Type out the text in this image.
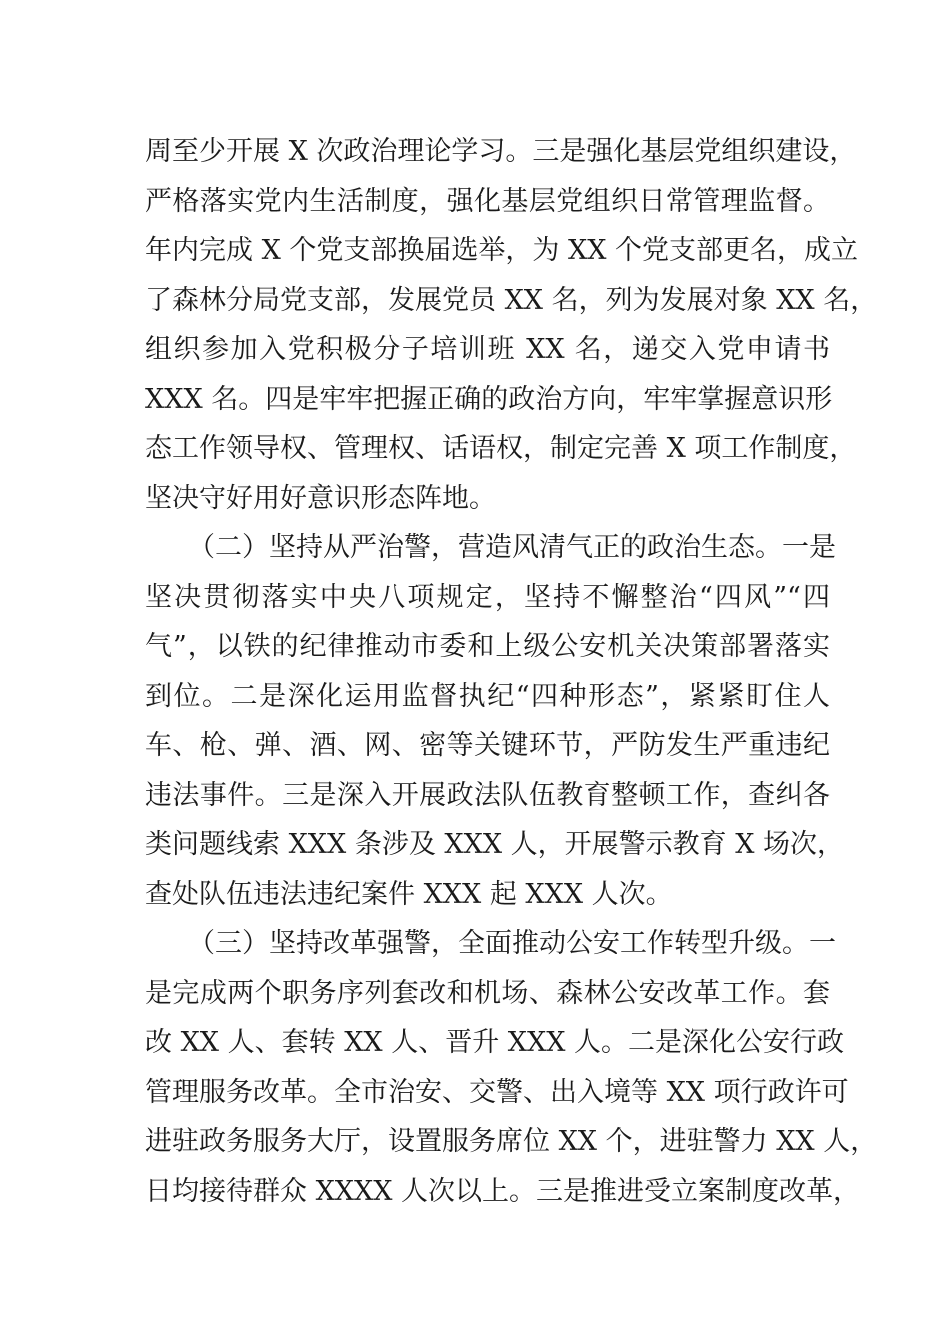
周至少开展 X 次政治理论学习。三是强化基层党组织建设，
严格落实党内生活制度，强化基层党组织日常管理监督。
年内完成 X 个党支部换届选举，为 XX 个党支部更名，成立
了森林分局党支部，发展党员 XX 名，列为发展对象 XX 名，
组织参加入党积极分子培训班 XX 名，递交入党申请书
XXX 名。四是牢牢把握正确的政治方向，牢牢掌握意识形
态工作领导权、管理权、话语权，制定完善 X 项工作制度，
坚决守好用好意识形态阵地。
（二）坚持从严治警，营造风清气正的政治生态。一是
坚决贯彻落实中央八项规定，坚持不懈整治“四风”“四
气”，以铁的纪律推动市委和上级公安机关决策部署落实
到位。二是深化运用监督执纪“四种形态”，紧紧盯住人
车、枪、弹、酒、网、密等关键环节，严防发生严重违纪
违法事件。三是深入开展政法队伍教育整顿工作，查纠各
类问题线索 XXX 条涉及 XXX 人，开展警示教育 X 场次，
查处队伍违法违纪案件 XXX 起 XXX 人次。
（三）坚持改革强警，全面推动公安工作转型升级。一
是完成两个职务序列套改和机场、森林公安改革工作。套
改 XX 人、套转 XX 人、晋升 XXX 人。二是深化公安行政
管理服务改革。全市治安、交警、出入境等 XX 项行政许可
进驻政务服务大厅，设置服务席位 XX 个，进驻警力 XX 人，
日均接待群众 XXXX 人次以上。三是推进受立案制度改革，
